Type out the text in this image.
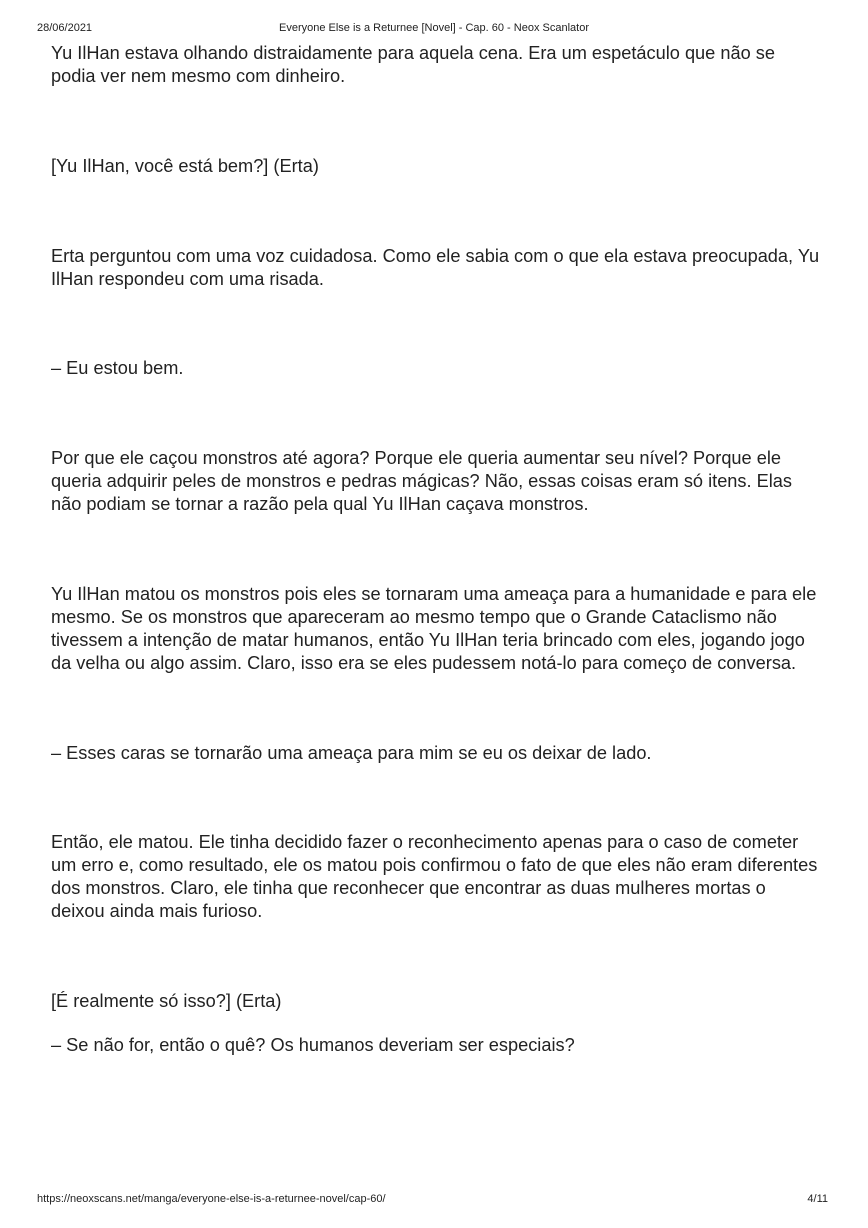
28/06/2021	Everyone Else is a Returnee [Novel] - Cap. 60 - Neox Scanlator

Yu IlHan estava olhando distraidamente para aquela cena. Era um espetáculo que não se podia ver nem mesmo com dinheiro.

[Yu IlHan, você está bem?] (Erta)

Erta perguntou com uma voz cuidadosa. Como ele sabia com o que ela estava preocupada, Yu IlHan respondeu com uma risada.

– Eu estou bem.

Por que ele caçou monstros até agora? Porque ele queria aumentar seu nível? Porque ele queria adquirir peles de monstros e pedras mágicas? Não, essas coisas eram só itens. Elas não podiam se tornar a razão pela qual Yu IlHan caçava monstros.

Yu IlHan matou os monstros pois eles se tornaram uma ameaça para a humanidade e para ele mesmo. Se os monstros que apareceram ao mesmo tempo que o Grande Cataclismo não tivessem a intenção de matar humanos, então Yu IlHan teria brincado com eles, jogando jogo da velha ou algo assim. Claro, isso era se eles pudessem notá-lo para começo de conversa.

– Esses caras se tornarão uma ameaça para mim se eu os deixar de lado.

Então, ele matou. Ele tinha decidido fazer o reconhecimento apenas para o caso de cometer um erro e, como resultado, ele os matou pois confirmou o fato de que eles não eram diferentes dos monstros. Claro, ele tinha que reconhecer que encontrar as duas mulheres mortas o deixou ainda mais furioso.

[É realmente só isso?] (Erta)

– Se não for, então o quê? Os humanos deveriam ser especiais?

https://neoxscans.net/manga/everyone-else-is-a-returnee-novel/cap-60/	4/11
